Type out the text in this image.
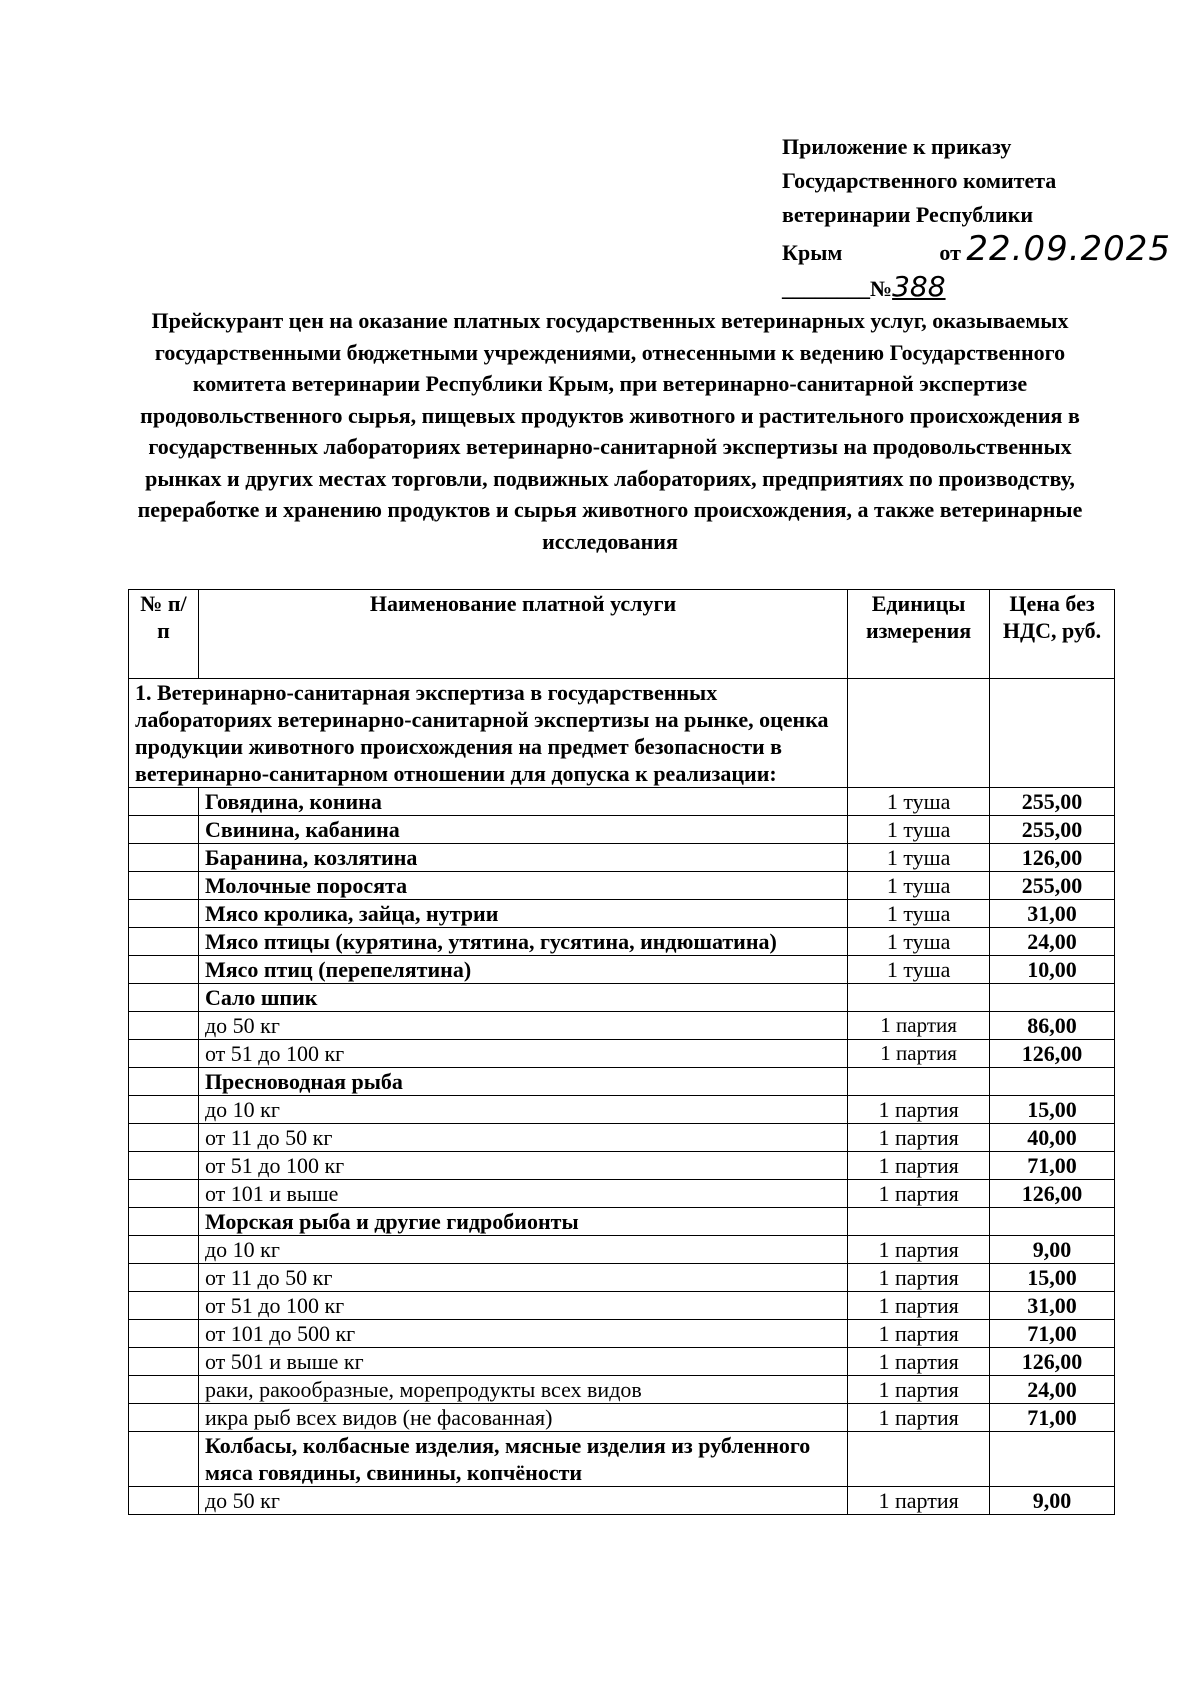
Приложение к приказу
Государственного комитета
ветеринарии Республики
Крым	от 22.09.2025
________№388
Прейскурант цен на оказание платных государственных ветеринарных услуг, оказываемых государственными бюджетными учреждениями, отнесенными к ведению Государственного комитета ветеринарии Республики Крым, при ветеринарно-санитарной экспертизе продовольственного сырья, пищевых продуктов животного и растительного происхождения в государственных лабораториях ветеринарно-санитарной экспертизы на продовольственных рынках и других местах торговли, подвижных лабораториях, предприятиях по производству, переработке и хранению продуктов и сырья животного происхождения, а также ветеринарные исследования
№ п/п	Наименование платной услуги	Единицы измерения	Цена без НДС, руб.
1. Ветеринарно-санитарная экспертиза в государственных лабораториях ветеринарно-санитарной экспертизы на рынке, оценка продукции животного происхождения на предмет безопасности в ветеринарно-санитарном отношении для допуска к реализации:			
	Говядина, конина	1 туша	255,00
	Свинина, кабанина	1 туша	255,00
	Баранина, козлятина	1 туша	126,00
	Молочные поросята	1 туша	255,00
	Мясо кролика, зайца, нутрии	1 туша	31,00
	Мясо птицы (курятина, утятина, гусятина, индюшатина)	1 туша	24,00
	Мясо птиц (перепелятина)	1 туша	10,00
	Сало шпик		
	до 50 кг	1 партия	86,00
	от 51 до 100 кг	1 партия	126,00
	Пресноводная рыба		
	до 10 кг	1 партия	15,00
	от 11 до 50 кг	1 партия	40,00
	от 51 до 100 кг	1 партия	71,00
	от 101 и выше	1 партия	126,00
	Морская рыба и другие гидробионты		
	до 10 кг	1 партия	9,00
	от 11 до 50 кг	1 партия	15,00
	от 51 до 100 кг	1 партия	31,00
	от 101 до 500 кг	1 партия	71,00
	от 501 и выше кг	1 партия	126,00
	раки, ракообразные, морепродукты всех видов	1 партия	24,00
	икра рыб всех видов (не фасованная)	1 партия	71,00
	Колбасы, колбасные изделия, мясные изделия из рубленного мяса говядины, свинины, копчёности		
	до 50 кг	1 партия	9,00
